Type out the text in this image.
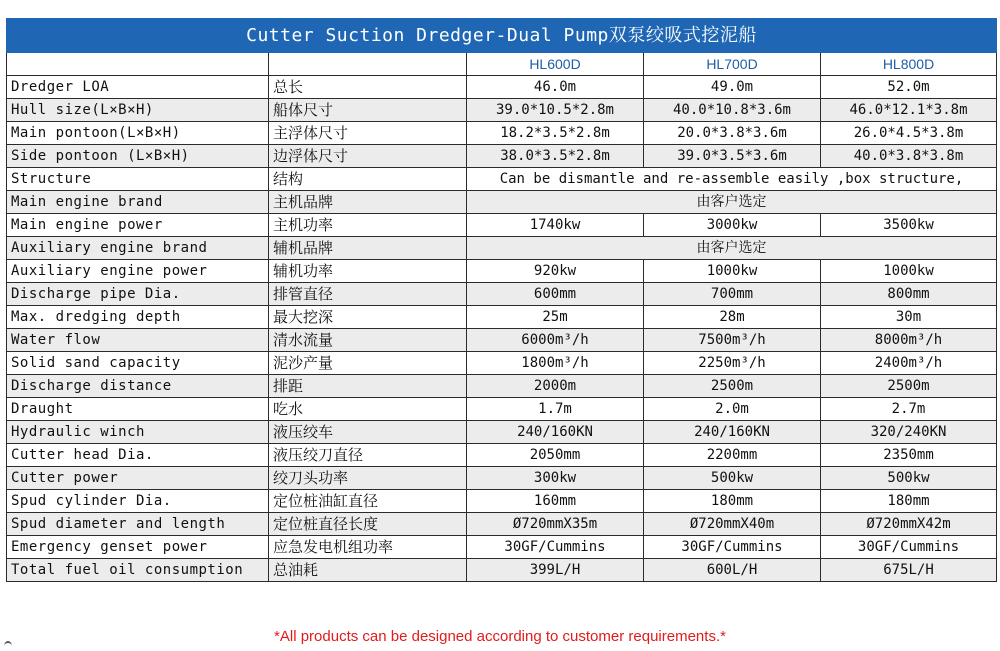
Cutter Suction Dredger-Dual Pump双泵绞吸式挖泥船				
		HL600D	HL700D	HL800D
Dredger LOA	总长	46.0m	49.0m	52.0m
Hull size(L×B×H)	船体尺寸	39.0*10.5*2.8m	40.0*10.8*3.6m	46.0*12.1*3.8m
Main pontoon(L×B×H)	主浮体尺寸	18.2*3.5*2.8m	20.0*3.8*3.6m	26.0*4.5*3.8m
Side pontoon (L×B×H)	边浮体尺寸	38.0*3.5*2.8m	39.0*3.5*3.6m	40.0*3.8*3.8m
Structure	结构	Can be dismantle and re-assemble easily ,box structure,		
Main engine brand	主机品牌	由客户选定		
Main engine power	主机功率	1740kw	3000kw	3500kw
Auxiliary engine brand	辅机品牌	由客户选定		
Auxiliary engine power	辅机功率	920kw	1000kw	1000kw
Discharge pipe Dia.	排管直径	600mm	700mm	800mm
Max. dredging depth	最大挖深	25m	28m	30m
Water flow	清水流量	6000m³/h	7500m³/h	8000m³/h
Solid sand capacity	泥沙产量	1800m³/h	2250m³/h	2400m³/h
Discharge distance	排距	2000m	2500m	2500m
Draught	吃水	1.7m	2.0m	2.7m
Hydraulic winch	液压绞车	240/160KN	240/160KN	320/240KN
Cutter head Dia.	液压绞刀直径	2050mm	2200mm	2350mm
Cutter power	绞刀头功率	300kw	500kw	500kw
Spud cylinder Dia.	定位桩油缸直径	160mm	180mm	180mm
Spud diameter and length	定位桩直径长度	Ø720mmX35m	Ø720mmX40m	Ø720mmX42m
Emergency genset power	应急发电机组功率	30GF/Cummins	30GF/Cummins	30GF/Cummins
Total fuel oil consumption	总油耗	399L/H	600L/H	675L/H
*All products can be designed according to customer requirements.*
